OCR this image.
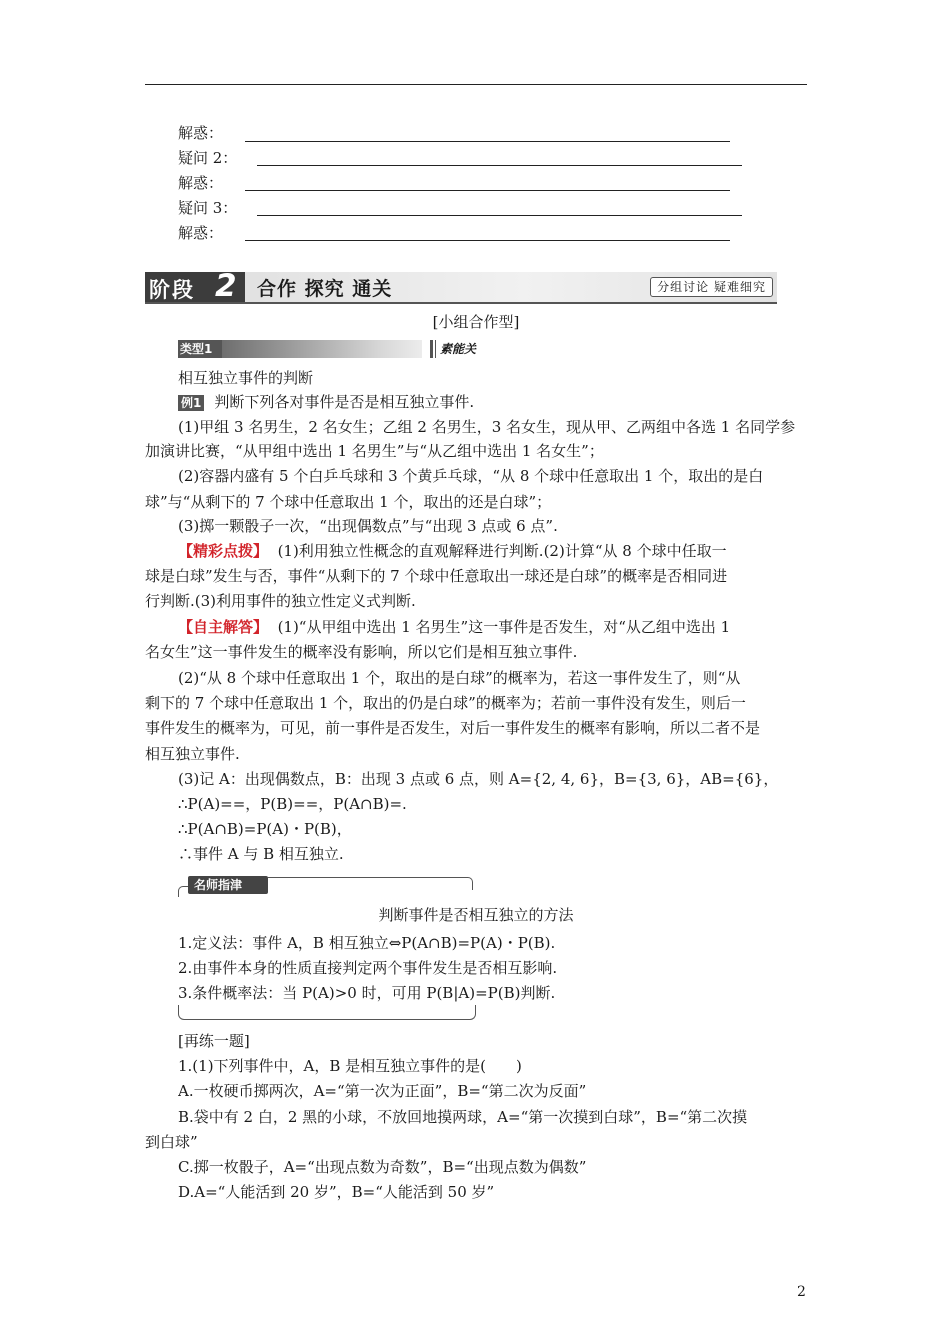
解惑：
疑问 2：
解惑：
疑问 3：
解惑：
阶段 2	合作 探究 通关	分组讨论 疑难细究
[小组合作型]
类型1	素能关
相互独立事件的判断
例1 判断下列各对事件是否是相互独立事件.
(1)甲组 3 名男生，2 名女生；乙组 2 名男生，3 名女生，现从甲、乙两组中各选 1 名同学参
加演讲比赛，“从甲组中选出 1 名男生”与“从乙组中选出 1 名女生”；
(2)容器内盛有 5 个白乒乓球和 3 个黄乒乓球，“从 8 个球中任意取出 1 个，取出的是白
球”与“从剩下的 7 个球中任意取出 1 个，取出的还是白球”；
(3)掷一颗骰子一次，“出现偶数点”与“出现 3 点或 6 点”.
【精彩点拨】 (1)利用独立性概念的直观解释进行判断.(2)计算“从 8 个球中任取一
球是白球”发生与否，事件“从剩下的 7 个球中任意取出一球还是白球”的概率是否相同进
行判断.(3)利用事件的独立性定义式判断.
【自主解答】 (1)“从甲组中选出 1 名男生”这一事件是否发生，对“从乙组中选出 1
名女生”这一事件发生的概率没有影响，所以它们是相互独立事件.
(2)“从 8 个球中任意取出 1 个，取出的是白球”的概率为，若这一事件发生了，则“从
剩下的 7 个球中任意取出 1 个，取出的仍是白球”的概率为；若前一事件没有发生，则后一
事件发生的概率为，可见，前一事件是否发生，对后一事件发生的概率有影响，所以二者不是
相互独立事件.
(3)记 A：出现偶数点，B：出现 3 点或 6 点，则 A={2, 4, 6}，B={3, 6}，AB={6}，
∴P(A)==，P(B)==，P(A∩B)=.
∴P(A∩B)=P(A)・P(B)，
∴事件 A 与 B 相互独立.
名师指津
判断事件是否相互独立的方法
1.定义法：事件 A，B 相互独立⇔P(A∩B)=P(A)・P(B).
2.由事件本身的性质直接判定两个事件发生是否相互影响.
3.条件概率法：当 P(A)>0 时，可用 P(B|A)=P(B)判断.
[再练一题]
1.(1)下列事件中，A，B 是相互独立事件的是(　　)
A.一枚硬币掷两次，A=“第一次为正面”，B=“第二次为反面”
B.袋中有 2 白，2 黑的小球，不放回地摸两球，A=“第一次摸到白球”，B=“第二次摸
到白球”
C.掷一枚骰子，A=“出现点数为奇数”，B=“出现点数为偶数”
D.A=“人能活到 20 岁”，B=“人能活到 50 岁”
2
